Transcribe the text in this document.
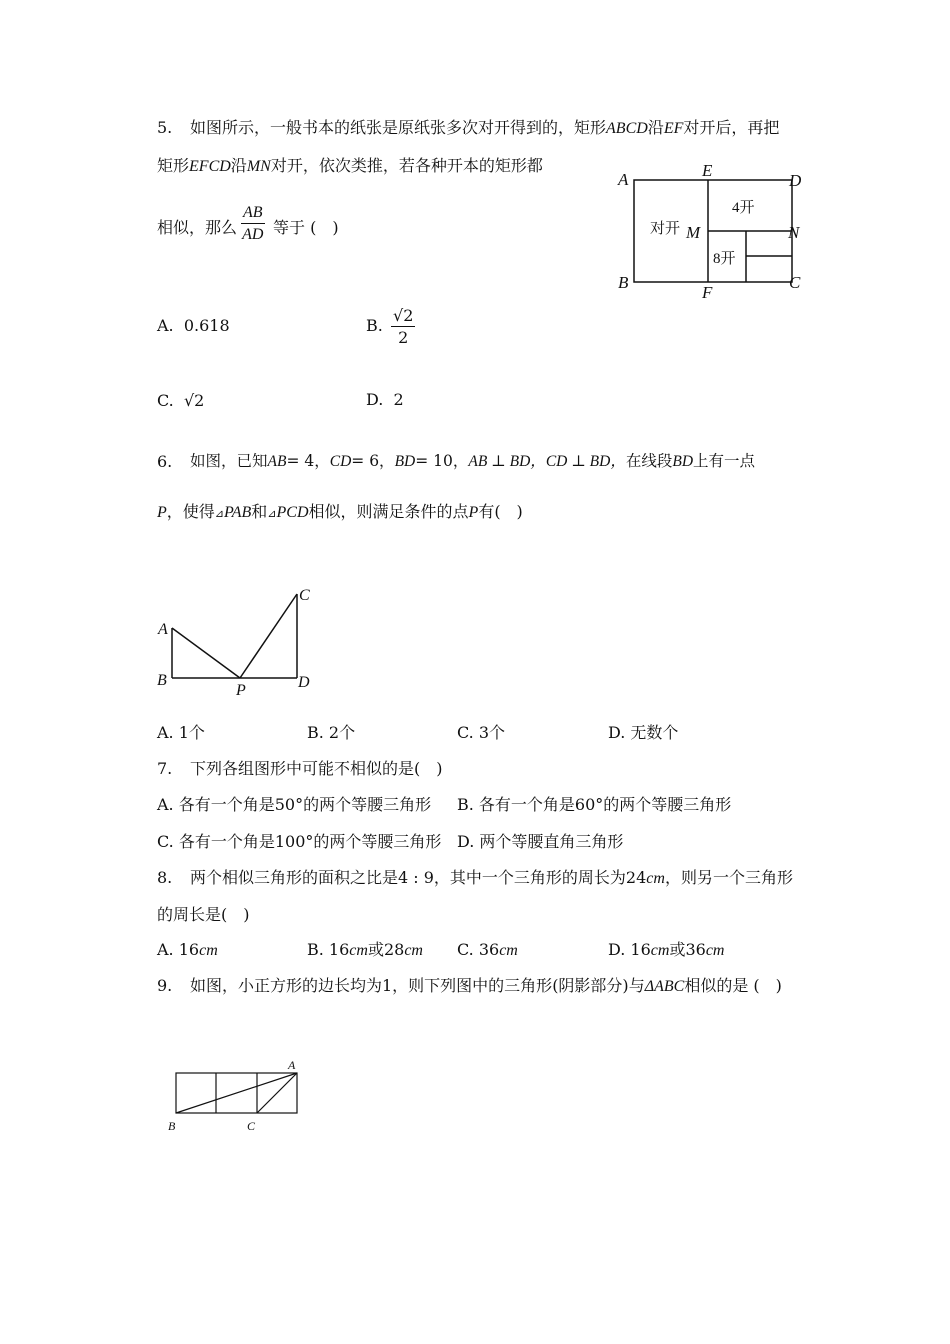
5. 如图所示，一般书本的纸张是原纸张多次对开得到的，矩形ABCD沿EF对开后，再把
矩形EFCD沿MN对开，依次类推，若各种开本的矩形都
相似，那么 $\frac{AB}{AD}$ 等于 (　)
A	E
D
B
F
C
M	N
对开
4开
8开
A. 0.618	B. $\frac{√2}{2}$
C. √2	D. 2
6. 如图，已知AB= 4，CD= 6，BD= 10，AB ⊥ BD，CD ⊥ BD，在线段BD上有一点
P，使得⊿PAB和⊿PCD相似，则满足条件的点P有(　)
A
B
C
D
P
A. 1个	B. 2个	C. 3个	D. 无数个
7. 下列各组图形中可能不相似的是(　)
A. 各有一个角是50°的两个等腰三角形 B. 各有一个角是60°的两个等腰三角形
C. 各有一个角是100°的两个等腰三角形 D. 两个等腰直角三角形
8. 两个相似三角形的面积之比是4 : 9，其中一个三角形的周长为24cm，则另一个三角形
的周长是(　)
A. 16cm	B. 16cm或28cm C. 36cm	D. 16cm或36cm
9. 如图，小正方形的边长均为1，则下列图中的三角形(阴影部分)与ΔABC相似的是 (　)
A
B	C
